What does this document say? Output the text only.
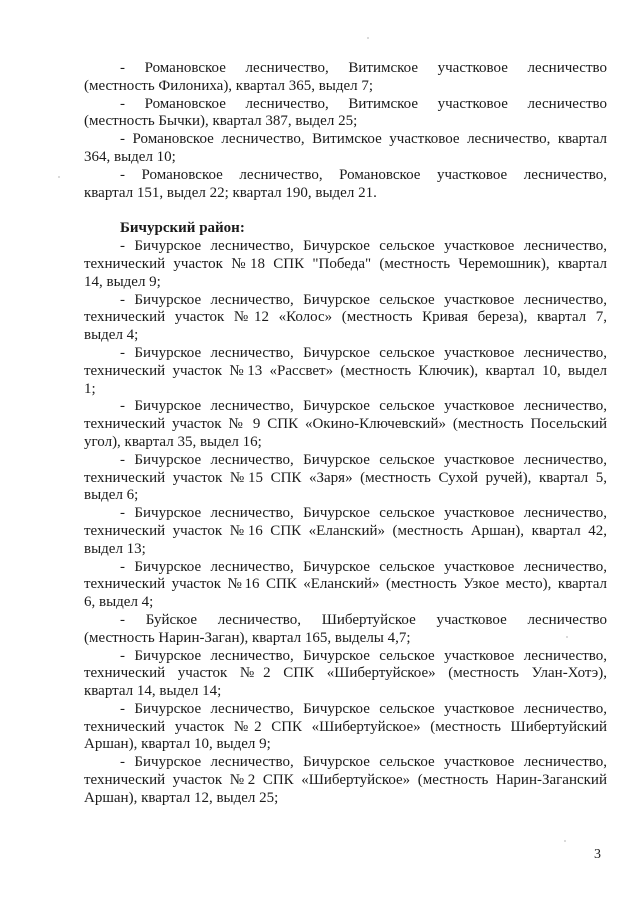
- Романовское лесничество, Витимское участковое лесничество
(местность Филониха), квартал 365, выдел 7;
- Романовское лесничество, Витимское участковое лесничество
(местность Бычки), квартал 387, выдел 25;
- Романовское лесничество, Витимское участковое лесничество, квартал
364, выдел 10;
- Романовское лесничество, Романовское участковое лесничество,
квартал 151, выдел 22; квартал 190, выдел 21.
Бичурский район:
- Бичурское лесничество, Бичурское сельское участковое лесничество,
технический участок №18 СПК "Победа" (местность Черемошник), квартал
14, выдел 9;
- Бичурское лесничество, Бичурское сельское участковое лесничество,
технический участок №12 «Колос» (местность Кривая береза), квартал 7,
выдел 4;
- Бичурское лесничество, Бичурское сельское участковое лесничество,
технический участок №13 «Рассвет» (местность Ключик), квартал 10, выдел
1;
- Бичурское лесничество, Бичурское сельское участковое лесничество,
технический участок № 9 СПК «Окино-Ключевский» (местность Посельский
угол), квартал 35, выдел 16;
- Бичурское лесничество, Бичурское сельское участковое лесничество,
технический участок №15 СПК «Заря» (местность Сухой ручей), квартал 5,
выдел 6;
- Бичурское лесничество, Бичурское сельское участковое лесничество,
технический участок №16 СПК «Еланский» (местность Аршан), квартал 42,
выдел 13;
- Бичурское лесничество, Бичурское сельское участковое лесничество,
технический участок №16 СПК «Еланский» (местность Узкое место), квартал
6, выдел 4;
- Буйское лесничество, Шибертуйское участковое лесничество
(местность Нарин-Заган), квартал 165, выделы 4,7;
- Бичурское лесничество, Бичурское сельское участковое лесничество,
технический участок №2 СПК «Шибертуйское» (местность Улан-Хотэ),
квартал 14, выдел 14;
- Бичурское лесничество, Бичурское сельское участковое лесничество,
технический участок №2 СПК «Шибертуйское» (местность Шибертуйский
Аршан), квартал 10, выдел 9;
- Бичурское лесничество, Бичурское сельское участковое лесничество,
технический участок №2 СПК «Шибертуйское» (местность Нарин-Заганский
Аршан), квартал 12, выдел 25;
3
